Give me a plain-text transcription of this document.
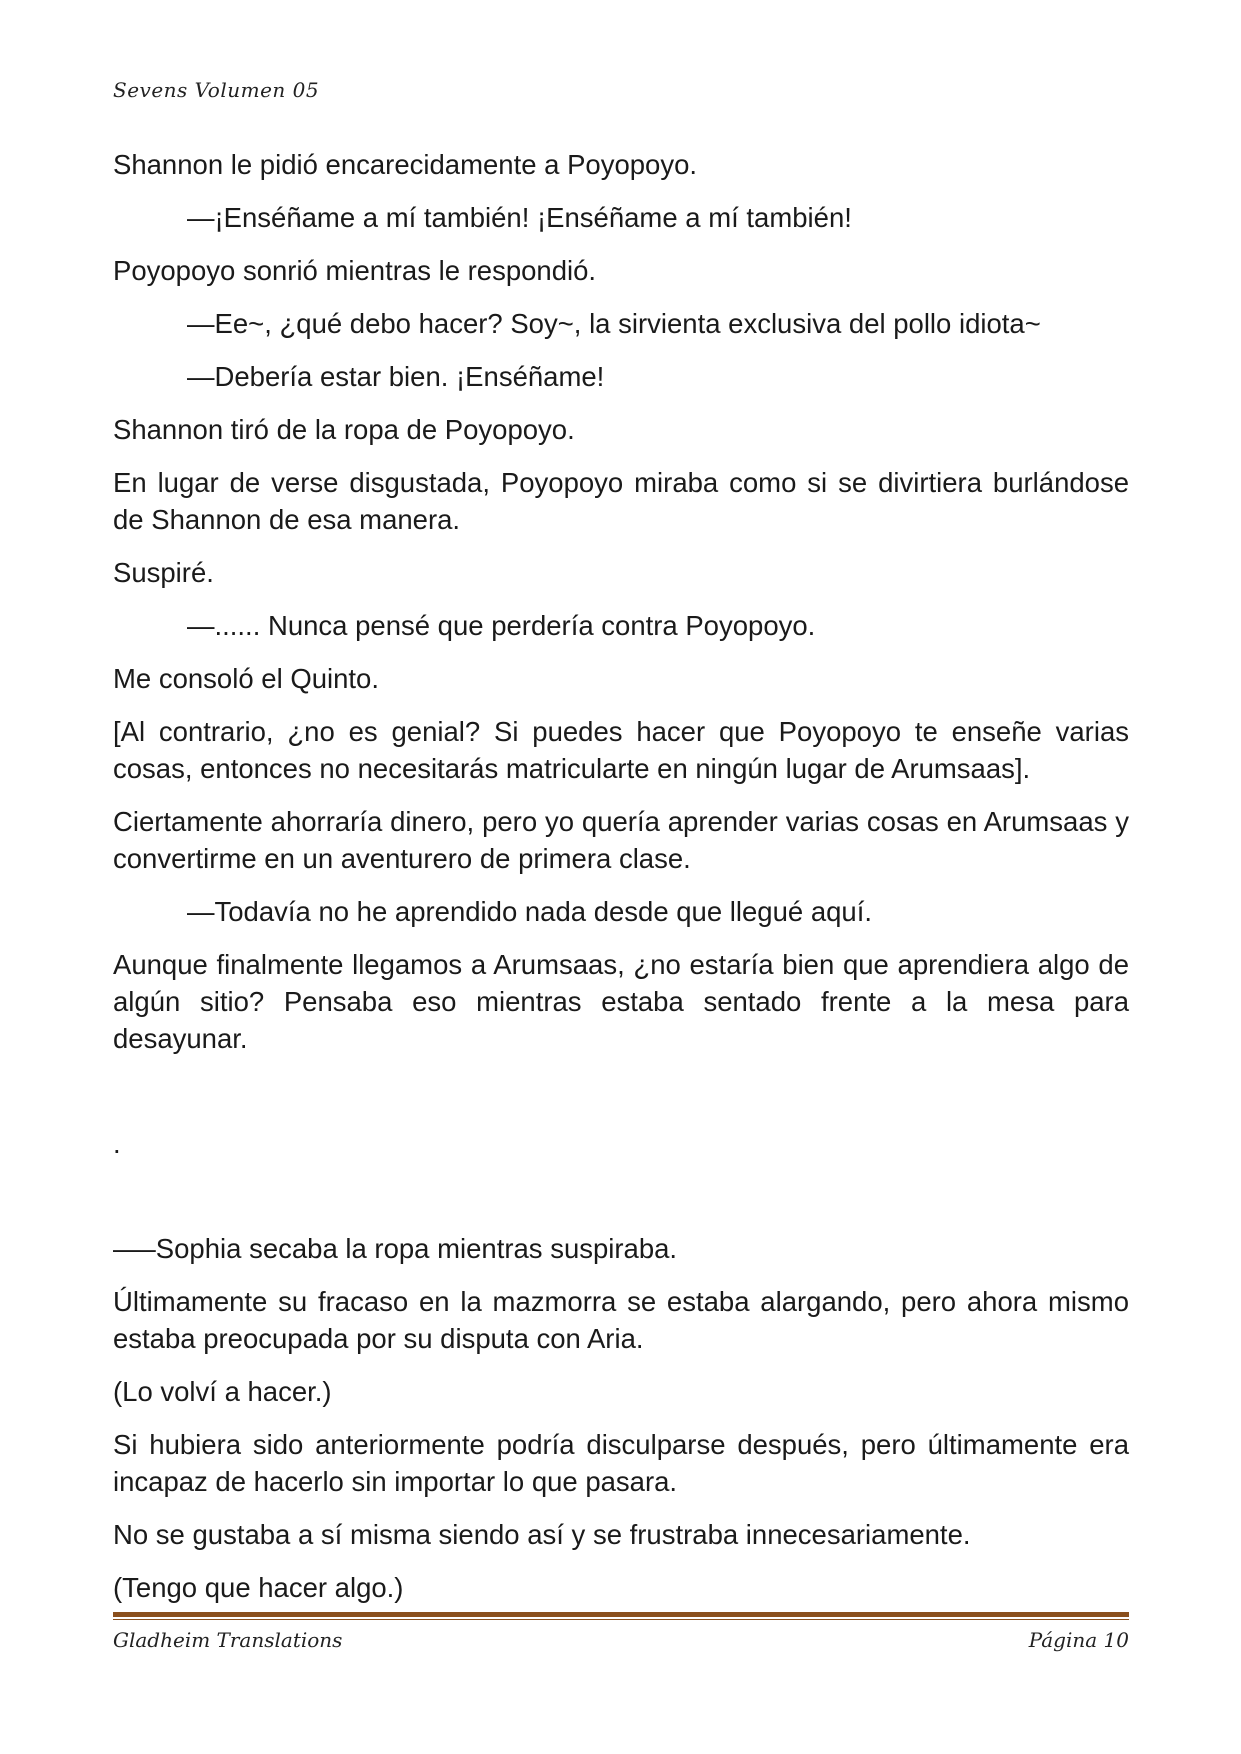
Sevens Volumen 05

Shannon le pidió encarecidamente a Poyopoyo.

—¡Enséñame a mí también! ¡Enséñame a mí también!

Poyopoyo sonrió mientras le respondió.

—Ee~, ¿qué debo hacer? Soy~, la sirvienta exclusiva del pollo idiota~

—Debería estar bien. ¡Enséñame!

Shannon tiró de la ropa de Poyopoyo.

En lugar de verse disgustada, Poyopoyo miraba como si se divirtiera burlándose de Shannon de esa manera.

Suspiré.

—...... Nunca pensé que perdería contra Poyopoyo.

Me consoló el Quinto.

[Al contrario, ¿no es genial? Si puedes hacer que Poyopoyo te enseñe varias cosas, entonces no necesitarás matricularte en ningún lugar de Arumsaas].

Ciertamente ahorraría dinero, pero yo quería aprender varias cosas en Arumsaas y convertirme en un aventurero de primera clase.

—Todavía no he aprendido nada desde que llegué aquí.

Aunque finalmente llegamos a Arumsaas, ¿no estaría bien que aprendiera algo de algún sitio? Pensaba eso mientras estaba sentado frente a la mesa para desayunar.

.

—–Sophia secaba la ropa mientras suspiraba.

Últimamente su fracaso en la mazmorra se estaba alargando, pero ahora mismo estaba preocupada por su disputa con Aria.

(Lo volví a hacer.)

Si hubiera sido anteriormente podría disculparse después, pero últimamente era incapaz de hacerlo sin importar lo que pasara.

No se gustaba a sí misma siendo así y se frustraba innecesariamente.

(Tengo que hacer algo.)

Gladheim Translations	Página 10
